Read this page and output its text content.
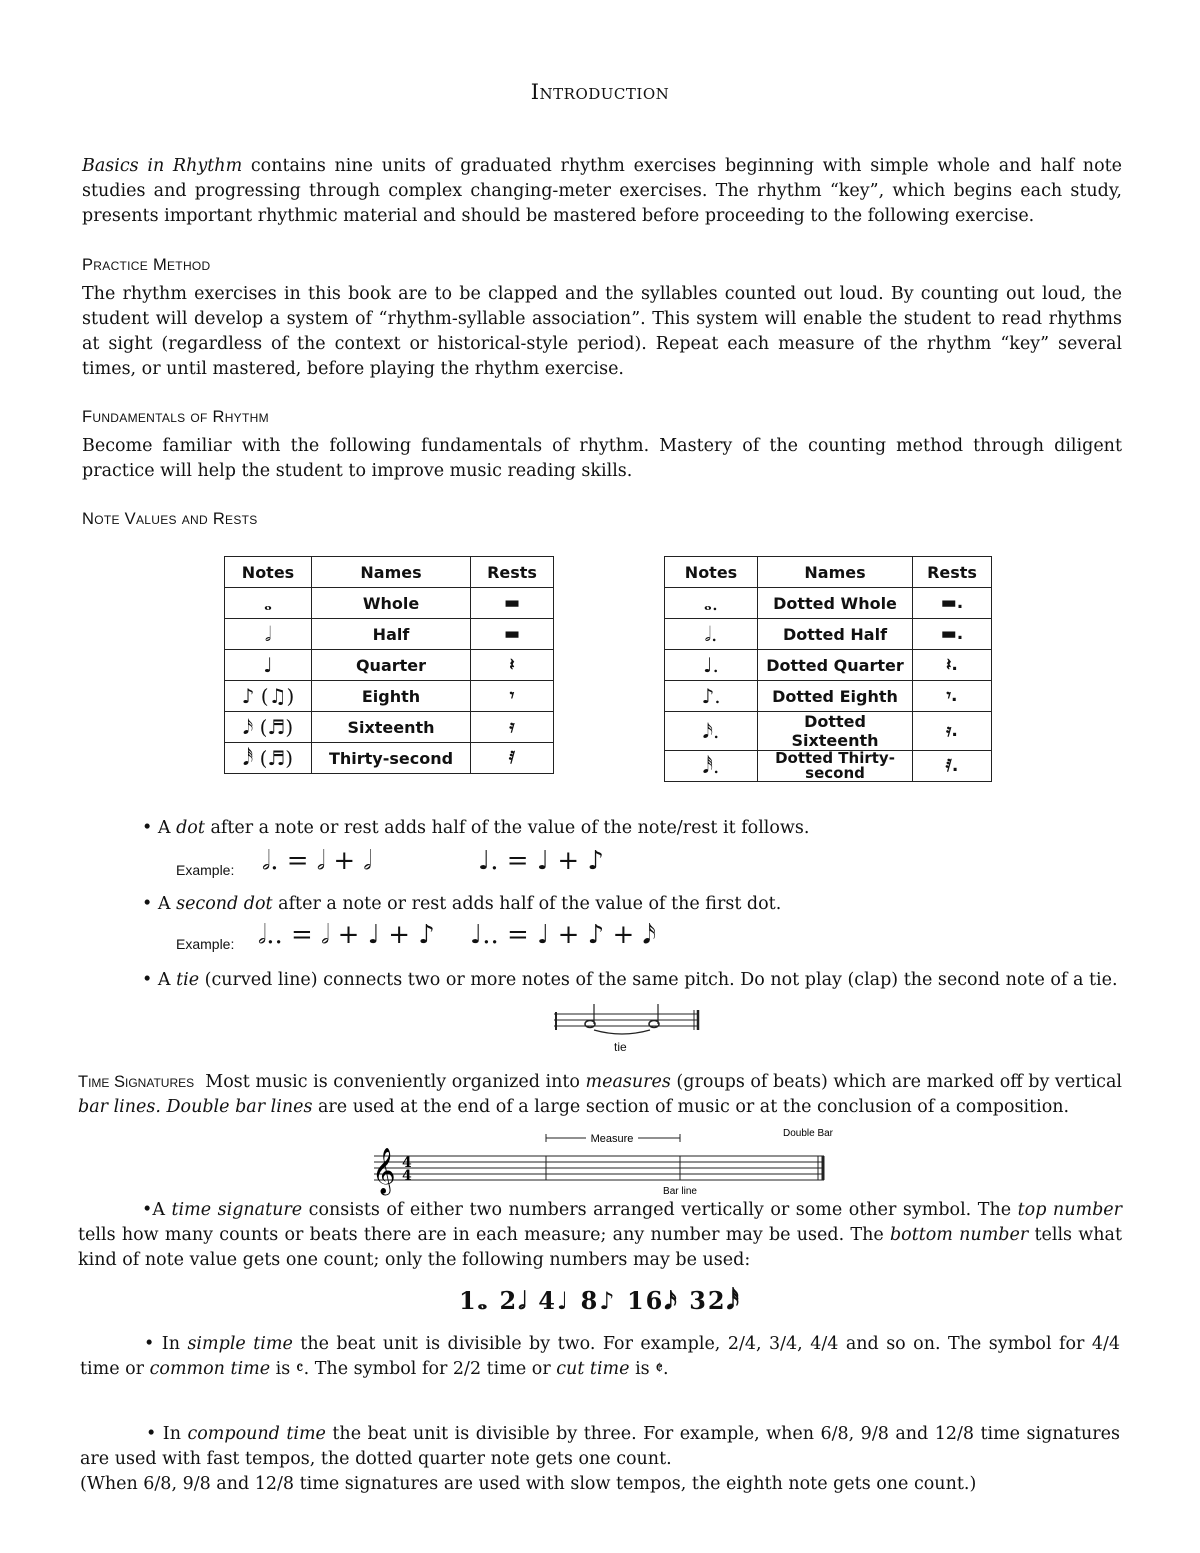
Introduction
Basics in Rhythm contains nine units of graduated rhythm exercises beginning with simple whole and half note studies and progressing through complex changing-meter exercises. The rhythm “key”, which begins each study, presents important rhythmic material and should be mastered before proceeding to the following exercise.
Practice Method
The rhythm exercises in this book are to be clapped and the syllables counted out loud. By counting out loud, the student will develop a system of “rhythm-syllable association”. This system will enable the student to read rhythms at sight (regardless of the context or historical-style period). Repeat each measure of the rhythm “key” several times, or until mastered, before playing the rhythm exercise.
Fundamentals of Rhythm
Become familiar with the following fundamentals of rhythm. Mastery of the counting method through diligent practice will help the student to improve music reading skills.
Note Values and Rests
Notes	Names	Rests
𝅝	Whole	▬
𝅗𝅥	Half	▬
♩	Quarter	𝄽
♪ (♫)	Eighth	𝄾
𝅘𝅥𝅯 (♬)	Sixteenth	𝄿
𝅘𝅥𝅰 (♬)	Thirty-second	𝅀
Notes	Names	Rests
𝅝.	Dotted Whole	▬.
𝅗𝅥.	Dotted Half	▬.
♩.	Dotted Quarter	𝄽.
♪.	Dotted Eighth	𝄾.
𝅘𝅥𝅯.	Dotted Sixteenth	𝄿.
𝅘𝅥𝅰.	Dotted Thirty-second	𝅀.
• A dot after a note or rest adds half of the value of the note/rest it follows.
Example: 𝅗𝅥. = 𝅗𝅥 + 𝅗𝅥	♩. = ♩ + ♪
• A second dot after a note or rest adds half of the value of the first dot.
Example: 𝅗𝅥.. = 𝅗𝅥 + ♩ + ♪ ♩.. = ♩ + ♪ + 𝅘𝅥𝅯
• A tie (curved line) connects two or more notes of the same pitch. Do not play (clap) the second note of a tie.
tie
Time Signatures Most music is conveniently organized into measures (groups of beats) which are marked off by vertical bar lines. Double bar lines are used at the end of a large section of music or at the conclusion of a composition.
Measure	Double Bar
𝄞 4
4
Bar line
•A time signature consists of either two numbers arranged vertically or some other symbol. The top number tells how many counts or beats there are in each measure; any number may be used. The bottom number tells what kind of note value gets one count; only the following numbers may be used:
1𝅝 2𝅗𝅥 4♩ 8♪ 16𝅘𝅥𝅯 32𝅘𝅥𝅰
• In simple time the beat unit is divisible by two. For example, 2/4, 3/4, 4/4 and so on. The symbol for 4/4 time or common time is 𝄴. The symbol for 2/2 time or cut time is 𝄵.
• In compound time the beat unit is divisible by three. For example, when 6/8, 9/8 and 12/8 time signatures are used with fast tempos, the dotted quarter note gets one count.
(When 6/8, 9/8 and 12/8 time signatures are used with slow tempos, the eighth note gets one count.)
